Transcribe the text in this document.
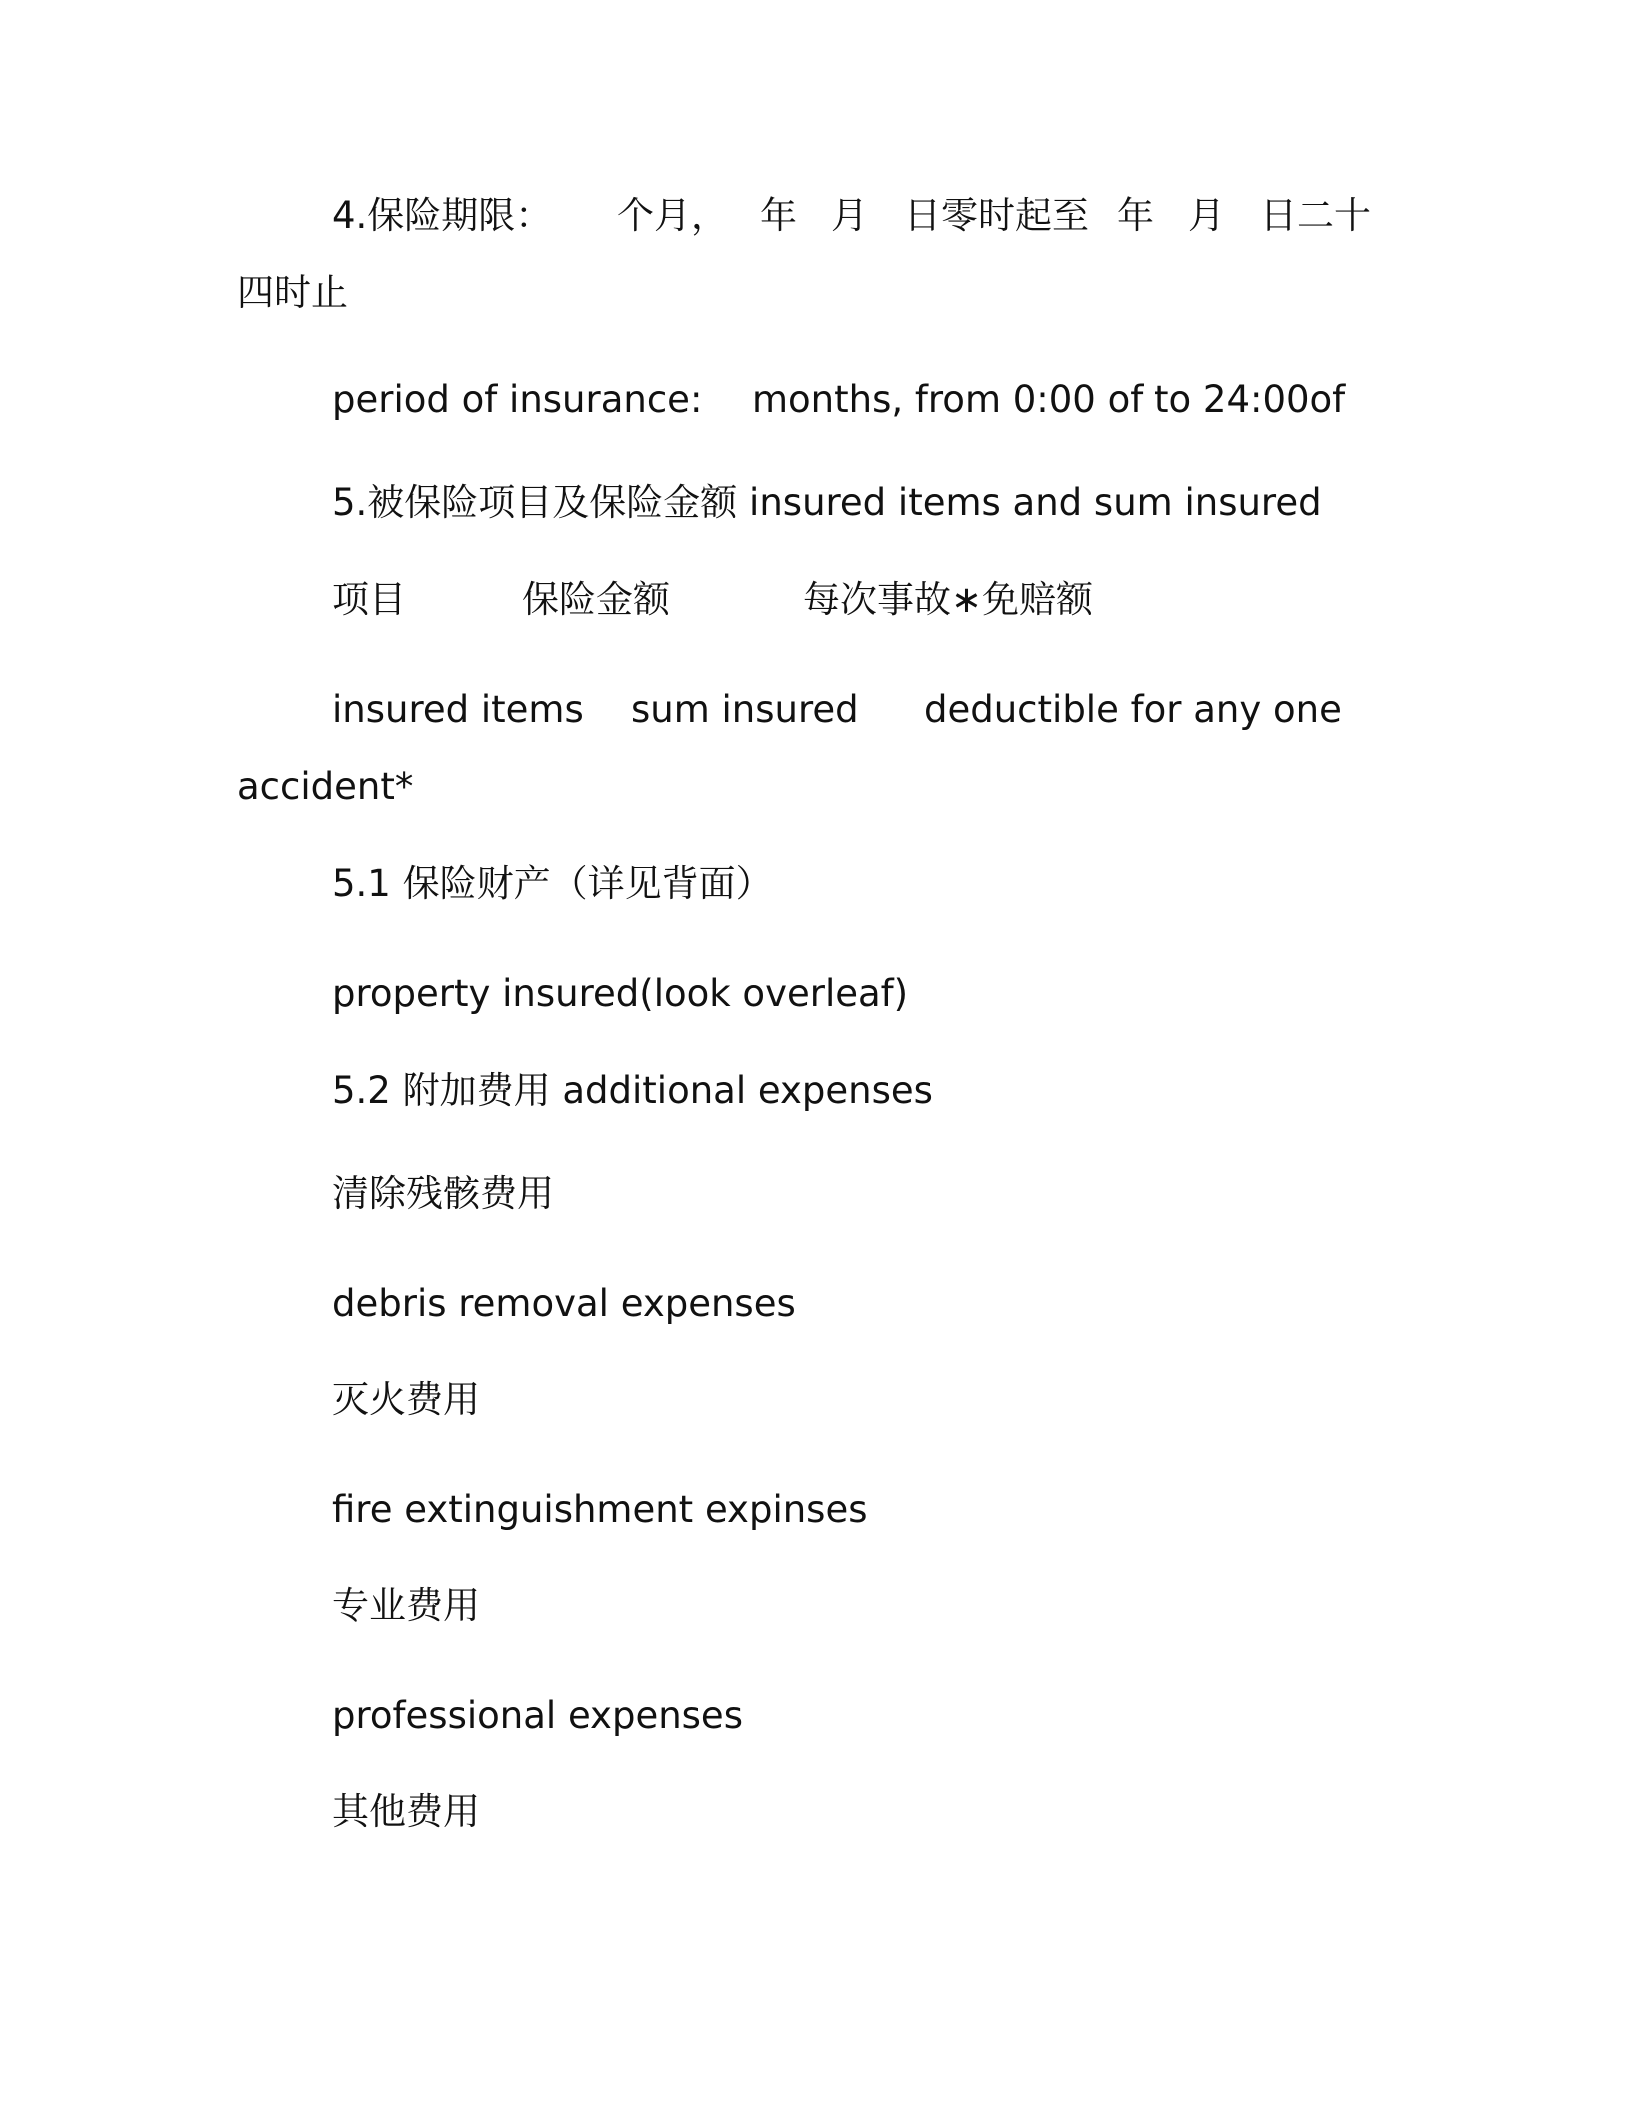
4.保险期限： 个月， 年 月 日零时起至 年 月 日二十
四时止
period of insurance: months, from 0:00 of to 24:00of
5.被保险项目及保险金额 insured items and sum insured
项目	保险金额	每次事故∗免赔额
insured items sum insured deductible for any one
accident*
5.1 保险财产（详见背面）
property insured(look overleaf)
5.2 附加费用 additional expenses
清除残骸费用
debris removal expenses
灭火费用
fire extinguishment expinses
专业费用
professional expenses
其他费用
